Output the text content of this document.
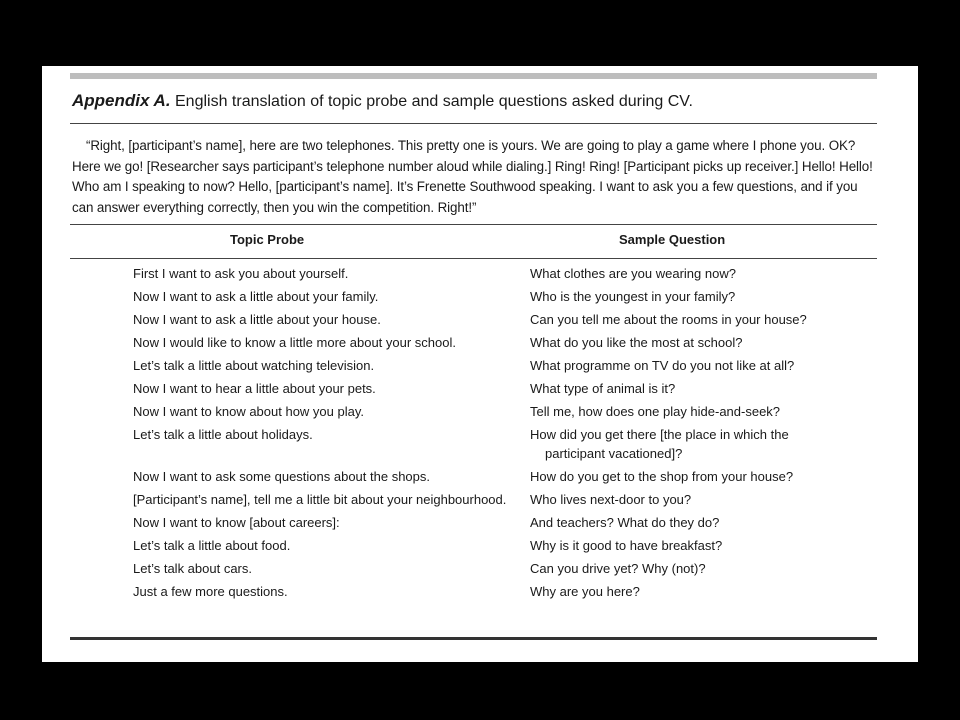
Appendix A. English translation of topic probe and sample questions asked during CV.
“Right, [participant’s name], here are two telephones. This pretty one is yours. We are going to play a game where I phone you. OK? Here we go! [Researcher says participant’s telephone number aloud while dialing.] Ring! Ring! [Participant picks up receiver.] Hello! Hello! Who am I speaking to now? Hello, [participant’s name]. It’s Frenette Southwood speaking. I want to ask you a few questions, and if you can answer everything correctly, then you win the competition. Right!”
Topic Probe	Sample Question
First I want to ask you about yourself.	What clothes are you wearing now?
Now I want to ask a little about your family.	Who is the youngest in your family?
Now I want to ask a little about your house.	Can you tell me about the rooms in your house?
Now I would like to know a little more about your school.	What do you like the most at school?
Let’s talk a little about watching television.	What programme on TV do you not like at all?
Now I want to hear a little about your pets.	What type of animal is it?
Now I want to know about how you play.	Tell me, how does one play hide-and-seek?
Let’s talk a little about holidays.	How did you get there [the place in which the participant vacationed]?
Now I want to ask some questions about the shops.	How do you get to the shop from your house?
[Participant’s name], tell me a little bit about your neighbourhood.	Who lives next-door to you?
Now I want to know [about careers]:	And teachers? What do they do?
Let’s talk a little about food.	Why is it good to have breakfast?
Let’s talk about cars.	Can you drive yet? Why (not)?
Just a few more questions.	Why are you here?
